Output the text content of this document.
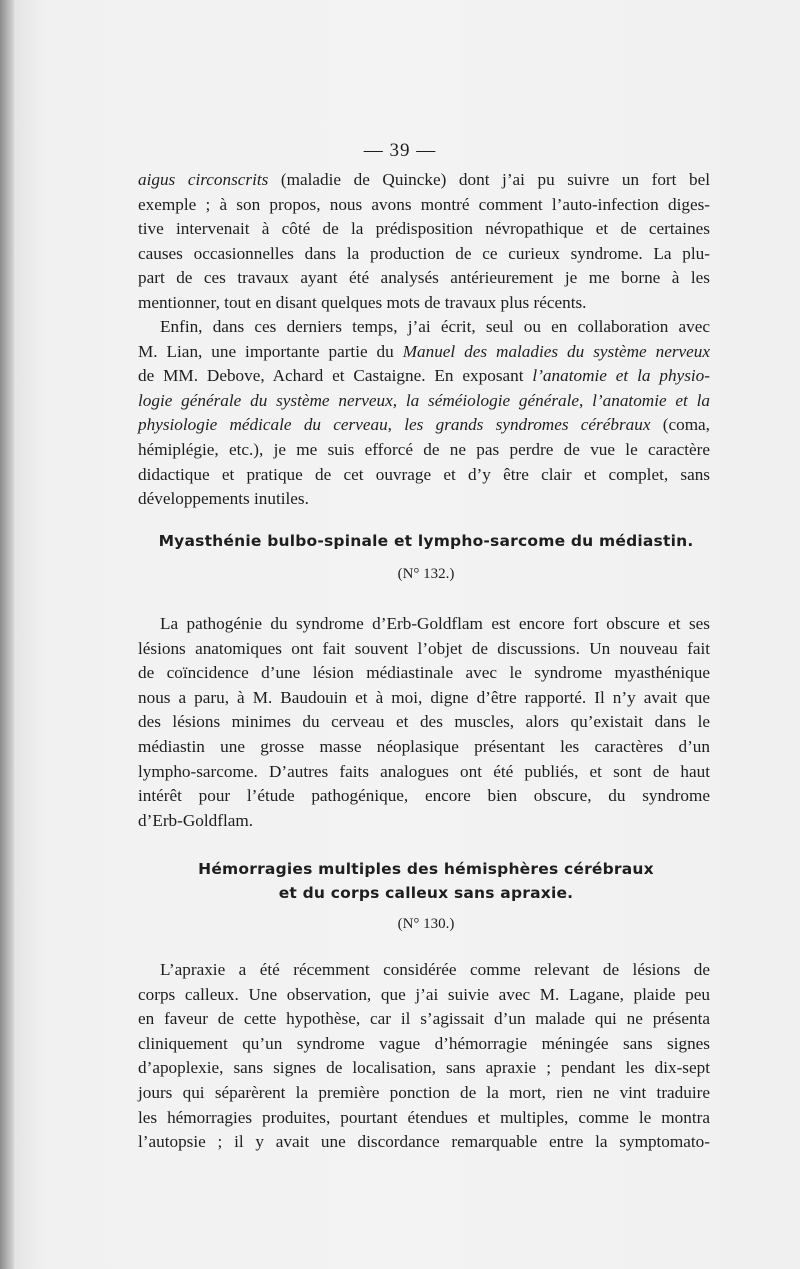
— 39 —
aigus circonscrits (maladie de Quincke) dont j’ai pu suivre un fort bel
exemple ; à son propos, nous avons montré comment l’auto-infection diges-
tive intervenait à côté de la prédisposition névropathique et de certaines
causes occasionnelles dans la production de ce curieux syndrome. La plu-
part de ces travaux ayant été analysés antérieurement je me borne à les
mentionner, tout en disant quelques mots de travaux plus récents.
Enfin, dans ces derniers temps, j’ai écrit, seul ou en collaboration avec
M. Lian, une importante partie du Manuel des maladies du système nerveux
de MM. Debove, Achard et Castaigne. En exposant l’anatomie et la physio-
logie générale du système nerveux, la séméiologie générale, l’anatomie et la
physiologie médicale du cerveau, les grands syndromes cérébraux (coma,
hémiplégie, etc.), je me suis efforcé de ne pas perdre de vue le caractère
didactique et pratique de cet ouvrage et d’y être clair et complet, sans
développements inutiles.
Myasthénie bulbo-spinale et lympho-sarcome du médiastin.
(N° 132.)
La pathogénie du syndrome d’Erb-Goldflam est encore fort obscure et ses
lésions anatomiques ont fait souvent l’objet de discussions. Un nouveau fait
de coïncidence d’une lésion médiastinale avec le syndrome myasthénique
nous a paru, à M. Baudouin et à moi, digne d’être rapporté. Il n’y avait que
des lésions minimes du cerveau et des muscles, alors qu’existait dans le
médiastin une grosse masse néoplasique présentant les caractères d’un
lympho-sarcome. D’autres faits analogues ont été publiés, et sont de haut
intérêt pour l’étude pathogénique, encore bien obscure, du syndrome
d’Erb-Goldflam.
Hémorragies multiples des hémisphères cérébraux
et du corps calleux sans apraxie.
(N° 130.)
L’apraxie a été récemment considérée comme relevant de lésions de
corps calleux. Une observation, que j’ai suivie avec M. Lagane, plaide peu
en faveur de cette hypothèse, car il s’agissait d’un malade qui ne présenta
cliniquement qu’un syndrome vague d’hémorragie méningée sans signes
d’apoplexie, sans signes de localisation, sans apraxie ; pendant les dix-sept
jours qui séparèrent la première ponction de la mort, rien ne vint traduire
les hémorragies produites, pourtant étendues et multiples, comme le montra
l’autopsie ; il y avait une discordance remarquable entre la symptomato-
